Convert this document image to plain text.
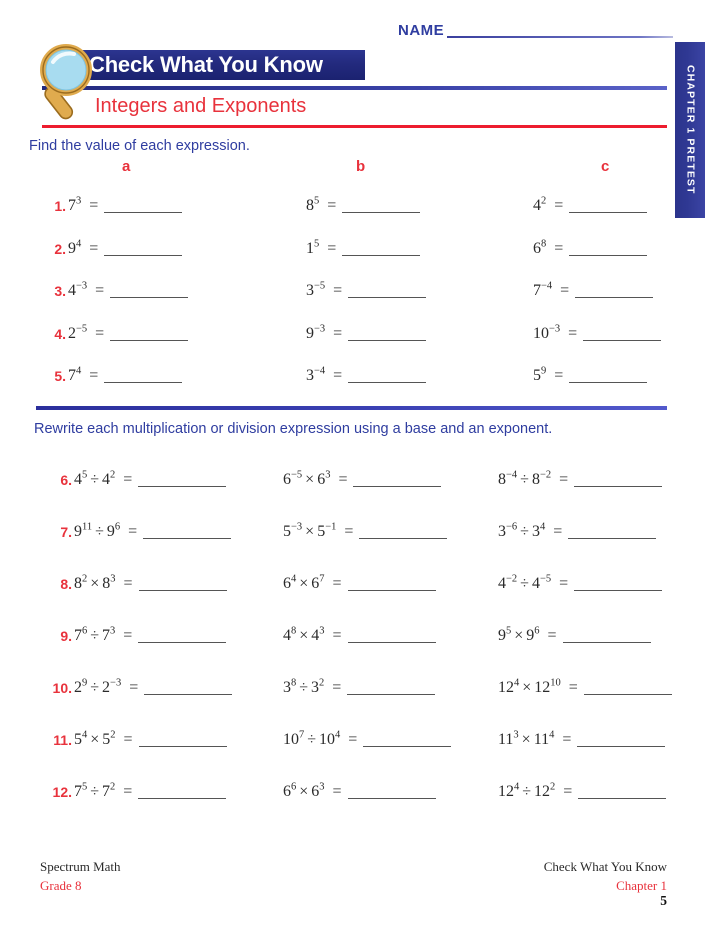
NAME
Check What You Know
Integers and Exponents	CHAPTER 1 PRETEST
Find the value of each expression.
a	b	c
Rewrite each multiplication or division expression using a base and an exponent.
1. $7^3$ =	$8^5$ =	$4^2$ =
2. $9^4$ =	$1^5$ =	$6^8$ =
3. $4^{-3}$ =	$3^{-5}$ =	$7^{-4}$ =
4. $2^{-5}$ =	$9^{-3}$ =	$10^{-3}$ =
5. $7^4$ =	$3^{-4}$ =	$5^9$ =
6. $4^5 \div 4^2$ =	$6^{-5} \times 6^3$ =	$8^{-4} \div 8^{-2}$ =
7. $9^{11} \div 9^6$ =	$5^{-3} \times 5^{-1}$ =	$3^{-6} \div 3^4$ =
8. $8^2 \times 8^3$ =	$6^4 \times 6^7$ =	$4^{-2} \div 4^{-5}$ =
9. $7^6 \div 7^3$ =	$4^8 \times 4^3$ =	$9^5 \times 9^6$ =
10. $2^9 \div 2^{-3}$ =	$3^8 \div 3^2$ =	$12^4 \times 12^{10}$ =
11. $5^4 \times 5^2$ =	$10^7 \div 10^4$ =	$11^3 \times 11^4$ =
12. $7^5 \div 7^2$ =	$6^6 \times 6^3$ =	$12^4 \div 12^2$ =
Spectrum Math
Grade 8
Check What You Know
Chapter 1
5
